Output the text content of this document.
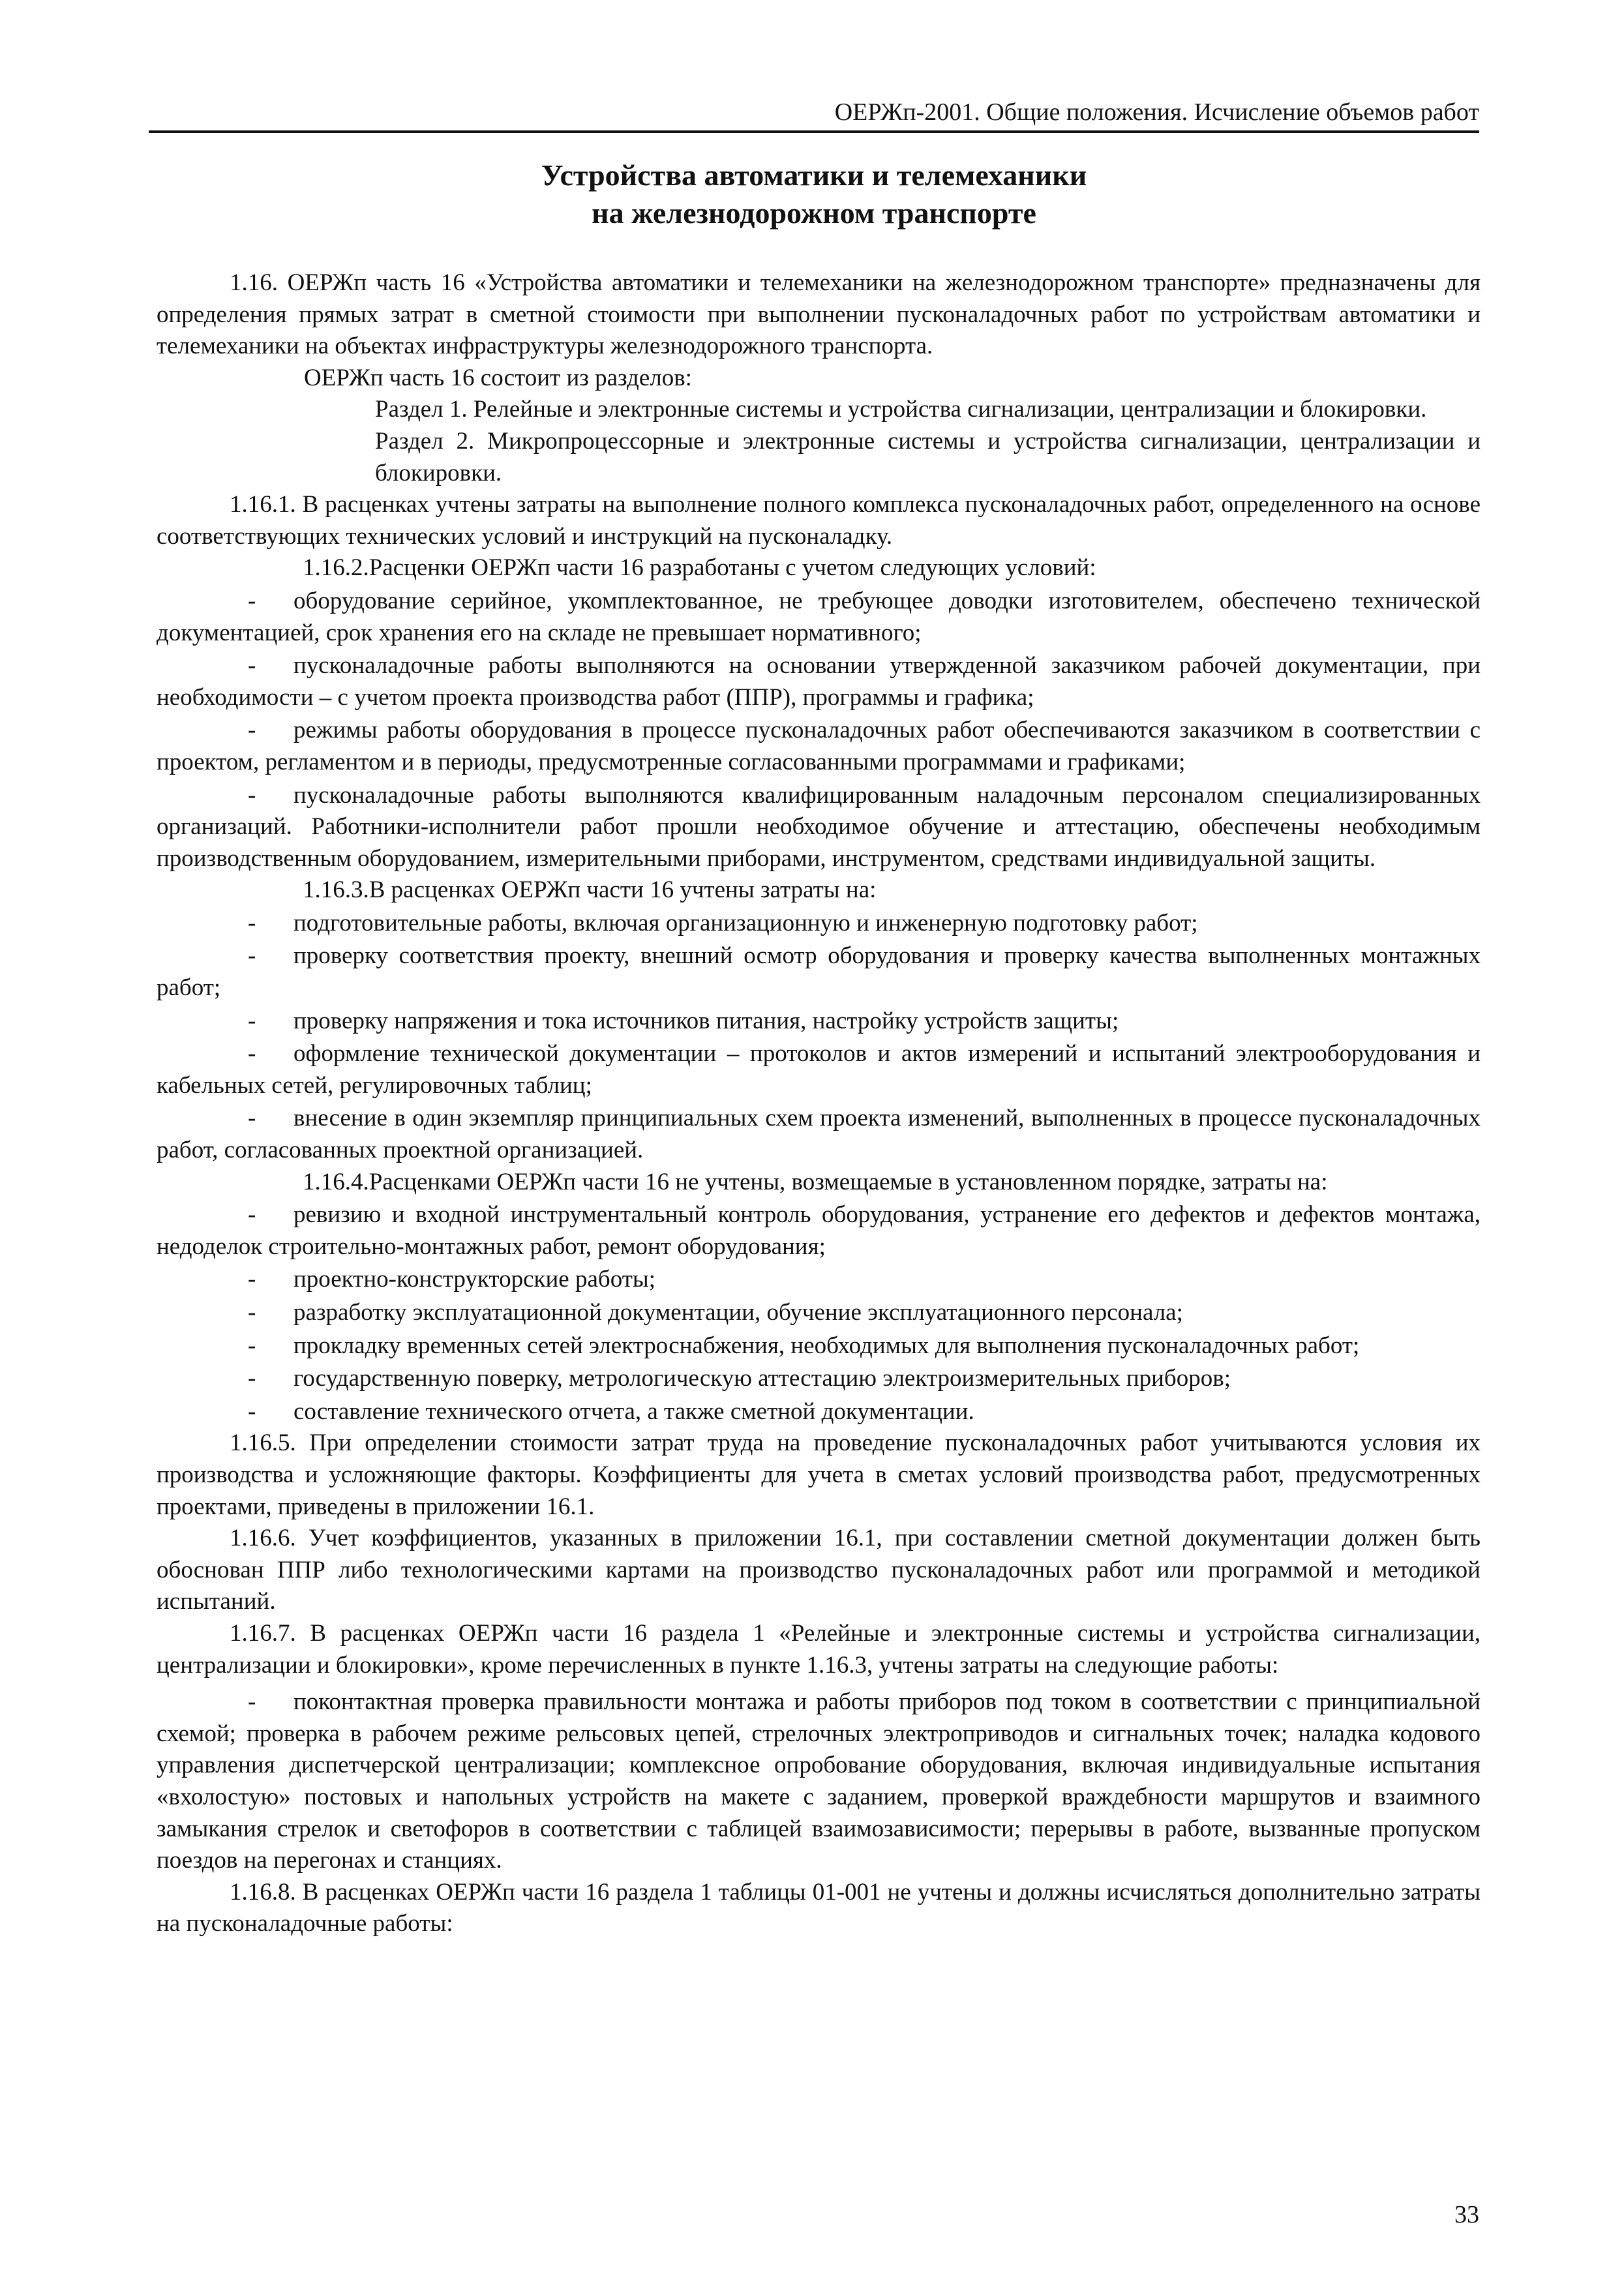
ОЕРЖп-2001. Общие положения. Исчисление объемов работ
Устройства автоматики и телемеханики
на железнодорожном транспорте

1.16. ОЕРЖп часть 16 «Устройства автоматики и телемеханики на железнодорожном транспорте» предназначены для определения прямых затрат в сметной стоимости при выполнении пусконаладочных работ по устройствам автоматики и телемеханики на объектах инфраструктуры железнодорожного транспорта.

ОЕРЖп часть 16 состоит из разделов:

Раздел 1. Релейные и электронные системы и устройства сигнализации, централизации и блокировки.

Раздел 2. Микропроцессорные и электронные системы и устройства сигнализации, централизации и блокировки.

1.16.1. В расценках учтены затраты на выполнение полного комплекса пусконаладочных работ, определенного на основе соответствующих технических условий и инструкций на пусконаладку.

1.16.2.Расценки ОЕРЖп части 16 разработаны с учетом следующих условий:

- оборудование серийное, укомплектованное, не требующее доводки изготовителем, обеспечено технической документацией, срок хранения его на складе не превышает нормативного;

- пусконаладочные работы выполняются на основании утвержденной заказчиком рабочей документации, при необходимости – с учетом проекта производства работ (ППР), программы и графика;

- режимы работы оборудования в процессе пусконаладочных работ обеспечиваются заказчиком в соответствии с проектом, регламентом и в периоды, предусмотренные согласованными программами и графиками;

- пусконаладочные работы выполняются квалифицированным наладочным персоналом специализированных организаций. Работники-исполнители работ прошли необходимое обучение и аттестацию, обеспечены необходимым производственным оборудованием, измерительными приборами, инструментом, средствами индивидуальной защиты.

1.16.3.В расценках ОЕРЖп части 16 учтены затраты на:

- подготовительные работы, включая организационную и инженерную подготовку работ;

- проверку соответствия проекту, внешний осмотр оборудования и проверку качества выполненных монтажных работ;

- проверку напряжения и тока источников питания, настройку устройств защиты;

- оформление технической документации – протоколов и актов измерений и испытаний электрооборудования и кабельных сетей, регулировочных таблиц;

- внесение в один экземпляр принципиальных схем проекта изменений, выполненных в процессе пусконаладочных работ, согласованных проектной организацией.

1.16.4.Расценками ОЕРЖп части 16 не учтены, возмещаемые в установленном порядке, затраты на:

- ревизию и входной инструментальный контроль оборудования, устранение его дефектов и дефектов монтажа, недоделок строительно-монтажных работ, ремонт оборудования;

- проектно-конструкторские работы;

- разработку эксплуатационной документации, обучение эксплуатационного персонала;

- прокладку временных сетей электроснабжения, необходимых для выполнения пусконаладочных работ;

- государственную поверку, метрологическую аттестацию электроизмерительных приборов;

- составление технического отчета, а также сметной документации.

1.16.5. При определении стоимости затрат труда на проведение пусконаладочных работ учитываются условия их производства и усложняющие факторы. Коэффициенты для учета в сметах условий производства работ, предусмотренных проектами, приведены в приложении 16.1.

1.16.6. Учет коэффициентов, указанных в приложении 16.1, при составлении сметной документации должен быть обоснован ППР либо технологическими картами на производство пусконаладочных работ или программой и методикой испытаний.

1.16.7. В расценках ОЕРЖп части 16 раздела 1 «Релейные и электронные системы и устройства сигнализации, централизации и блокировки», кроме перечисленных в пункте 1.16.3, учтены затраты на следующие работы:

- поконтактная проверка правильности монтажа и работы приборов под током в соответствии с принципиальной схемой; проверка в рабочем режиме рельсовых цепей, стрелочных электроприводов и сигнальных точек; наладка кодового управления диспетчерской централизации; комплексное опробование оборудования, включая индивидуальные испытания «вхолостую» постовых и напольных устройств на макете с заданием, проверкой враждебности маршрутов и взаимного замыкания стрелок и светофоров в соответствии с таблицей взаимозависимости; перерывы в работе, вызванные пропуском поездов на перегонах и станциях.

1.16.8. В расценках ОЕРЖп части 16 раздела 1 таблицы 01-001 не учтены и должны исчисляться дополнительно затраты на пусконаладочные работы:

33
